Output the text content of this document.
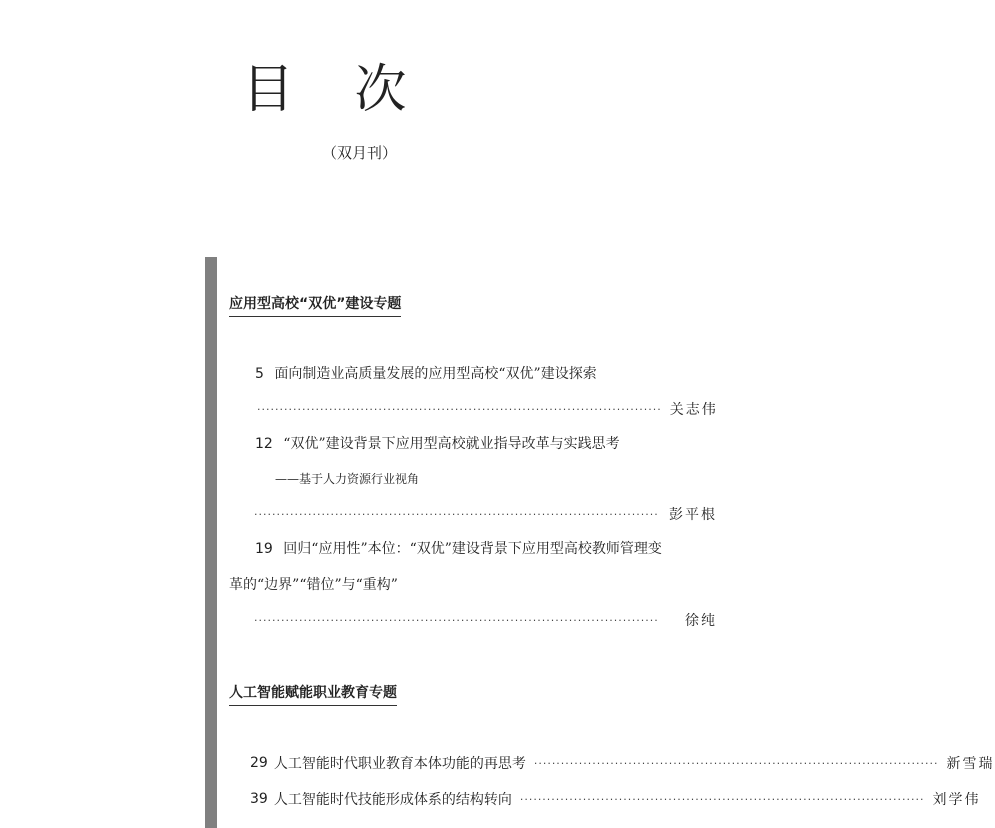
目 次
（双月刊）
应用型高校“双优”建设专题
5 面向制造业高质量发展的应用型高校“双优”建设探索
·························································································· 关志伟
12 “双优”建设背景下应用型高校就业指导改革与实践思考
——基于人力资源行业视角
·························································································· 彭平根
19 回归“应用性”本位：“双优”建设背景下应用型高校教师管理变
革的“边界”“错位”与“重构”
··························································································	徐纯
人工智能赋能职业教育专题
29 人工智能时代职业教育本体功能的再思考 ·························································································· 新雪瑞
39 人工智能时代技能形成体系的结构转向 ·························································································· 刘学伟
